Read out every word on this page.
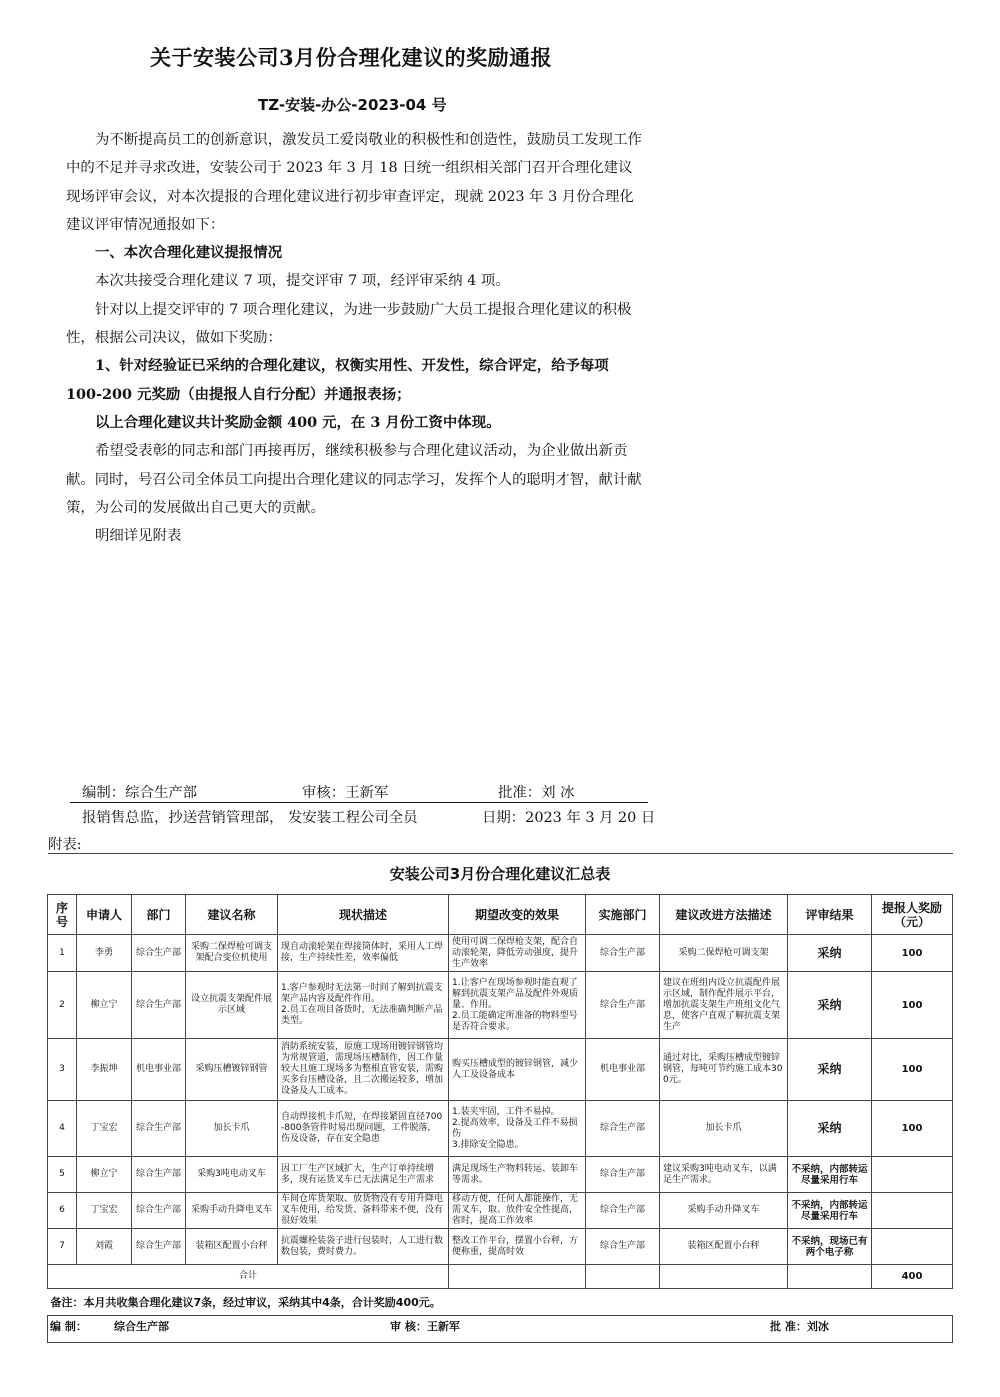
关于安装公司3月份合理化建议的奖励通报
TZ-安装-办公-2023-04 号

为不断提高员工的创新意识，激发员工爱岗敬业的积极性和创造性，鼓励员工发现工作中的不足并寻求改进，安装公司于 2023 年 3 月 18 日统一组织相关部门召开合理化建议现场评审会议，对本次提报的合理化建议进行初步审查评定，现就 2023 年 3 月份合理化建议评审情况通报如下：

一、本次合理化建议提报情况

本次共接受合理化建议 7 项，提交评审 7 项，经评审采纳 4 项。

针对以上提交评审的 7 项合理化建议，为进一步鼓励广大员工提报合理化建议的积极性，根据公司决议，做如下奖励：

1、针对经验证已采纳的合理化建议，权衡实用性、开发性，综合评定，给予每项 100-200 元奖励（由提报人自行分配）并通报表扬；

以上合理化建议共计奖励金额 400 元，在 3 月份工资中体现。

希望受表彰的同志和部门再接再厉，继续积极参与合理化建议活动，为企业做出新贡献。同时，号召公司全体员工向提出合理化建议的同志学习，发挥个人的聪明才智，献计献策，为公司的发展做出自己更大的贡献。

明细详见附表

编制：综合生产部	审核：王新军	批准：刘 冰
报销售总监，抄送营销管理部， 发安装工程公司全员	日期：2023 年 3 月 20 日
附表:
安装公司3月份合理化建议汇总表									
序号	申请人	部门	建议名称	现状描述	期望改变的效果	实施部门	建议改进方法描述	评审结果	提报人奖励（元）
1	李勇	综合生产部	采购二保焊枪可调支架配合变位机使用	现自动滚轮架在焊接筒体时，采用人工焊接，生产持续性差，效率偏低	使用可调二保焊枪支架，配合自动滚轮架，降低劳动强度，提升生产效率	综合生产部	采购二保焊枪可调支架	采纳	100
2	柳立宁	综合生产部	设立抗震支架配件展示区域	1.客户参观时无法第一时间了解到抗震支架产品内容及配件作用。
2.员工在项目备货时，无法准确判断产品类型。	1.让客户在现场参观时能直观了解到抗震支架产品及配件外观质量、作用。
2.员工能确定所准备的物料型号是否符合要求。	综合生产部	建议在班组内设立抗震配件展示区域，制作配件展示平台，增加抗震支架生产班组文化气息，使客户直观了解抗震支架生产	采纳	100
3	李振坤	机电事业部	采购压槽镀锌钢管	消防系统安装，原施工现场用镀锌钢管均为常规管道，需现场压槽制作，因工作量较大且施工现场多为整根直管安装，需购买多台压槽设备，且二次搬运较多，增加设备及人工成本。	购买压槽成型的镀锌钢管，减少人工及设备成本	机电事业部	通过对比，采购压槽成型镀锌钢管，每吨可节约施工成本300元。	采纳	100
4	丁宝宏	综合生产部	加长卡爪	自动焊接机卡爪短，在焊接紧固直径700-800条管件时易出现问题，工件脱落，伤及设备，存在安全隐患	1.装夹牢固，工件不易掉。
2.提高效率，设备及工件不易损伤
3.排除安全隐患。	综合生产部	加长卡爪	采纳	100
5	柳立宁	综合生产部	采购3吨电动叉车	因工厂生产区域扩大，生产订单持续增多，现有运货叉车已无法满足生产需求	满足现场生产物料转运、装卸车等需求。	综合生产部	建议采购3吨电动叉车，以满足生产需求。	不采纳，内部转运尽量采用行车	
6	丁宝宏	综合生产部	采购手动升降电叉车	车间仓库货架取、放货物没有专用升降电叉车使用，给发货、备料带来不便，没有很好效果	移动方便，任何人都能操作，无需叉车，取、放件安全性提高，省时，提高工作效率	综合生产部	采购手动升降叉车	不采纳，内部转运尽量采用行车	
7	刘霞	综合生产部	装箱区配置小台秤	抗震螺栓装袋子进行包装时，人工进行数数包装，费时费力。	整改工作平台，摆置小台秤，方便称重，提高时效	综合生产部	装箱区配置小台秤	不采纳，现场已有两个电子称	
合计									400
备注：本月共收集合理化建议7条，经过审议，采纳其中4条，合计奖励400元。									

编 制： 综合生产部 审 核：王新军 批 准：刘冰									
